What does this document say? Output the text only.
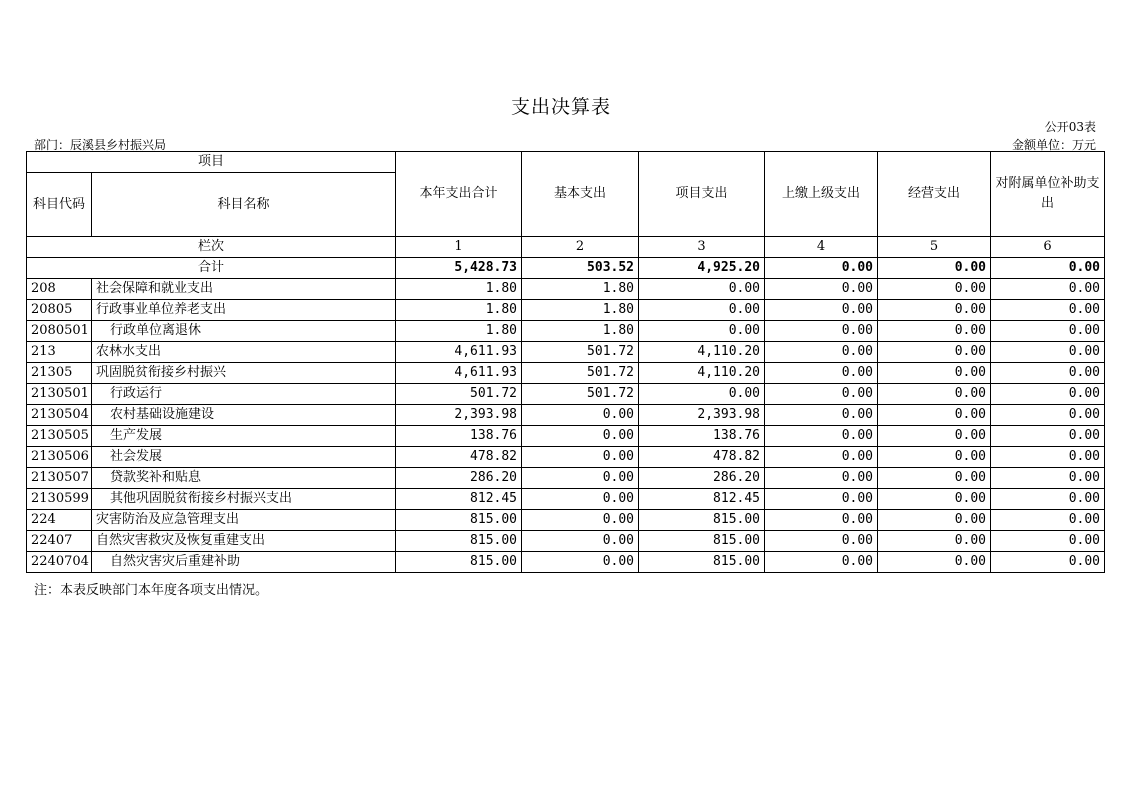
支出决算表
公开03表
部门：辰溪县乡村振兴局	金额单位：万元
项目		本年支出合计	基本支出	项目支出	上缴上级支出	经营支出	对附属单位补助支出
科目代码	科目名称						
栏次		1	2	3	4	5	6
合计		5,428.73	503.52	4,925.20	0.00	0.00	0.00
208	社会保障和就业支出	1.80	1.80	0.00	0.00	0.00	0.00
20805	行政事业单位养老支出	1.80	1.80	0.00	0.00	0.00	0.00
2080501	行政单位离退休	1.80	1.80	0.00	0.00	0.00	0.00
213	农林水支出	4,611.93	501.72	4,110.20	0.00	0.00	0.00
21305	巩固脱贫衔接乡村振兴	4,611.93	501.72	4,110.20	0.00	0.00	0.00
2130501	行政运行	501.72	501.72	0.00	0.00	0.00	0.00
2130504	农村基础设施建设	2,393.98	0.00	2,393.98	0.00	0.00	0.00
2130505	生产发展	138.76	0.00	138.76	0.00	0.00	0.00
2130506	社会发展	478.82	0.00	478.82	0.00	0.00	0.00
2130507	贷款奖补和贴息	286.20	0.00	286.20	0.00	0.00	0.00
2130599	其他巩固脱贫衔接乡村振兴支出	812.45	0.00	812.45	0.00	0.00	0.00
224	灾害防治及应急管理支出	815.00	0.00	815.00	0.00	0.00	0.00
22407	自然灾害救灾及恢复重建支出	815.00	0.00	815.00	0.00	0.00	0.00
2240704	自然灾害灾后重建补助	815.00	0.00	815.00	0.00	0.00	0.00
注：本表反映部门本年度各项支出情况。
